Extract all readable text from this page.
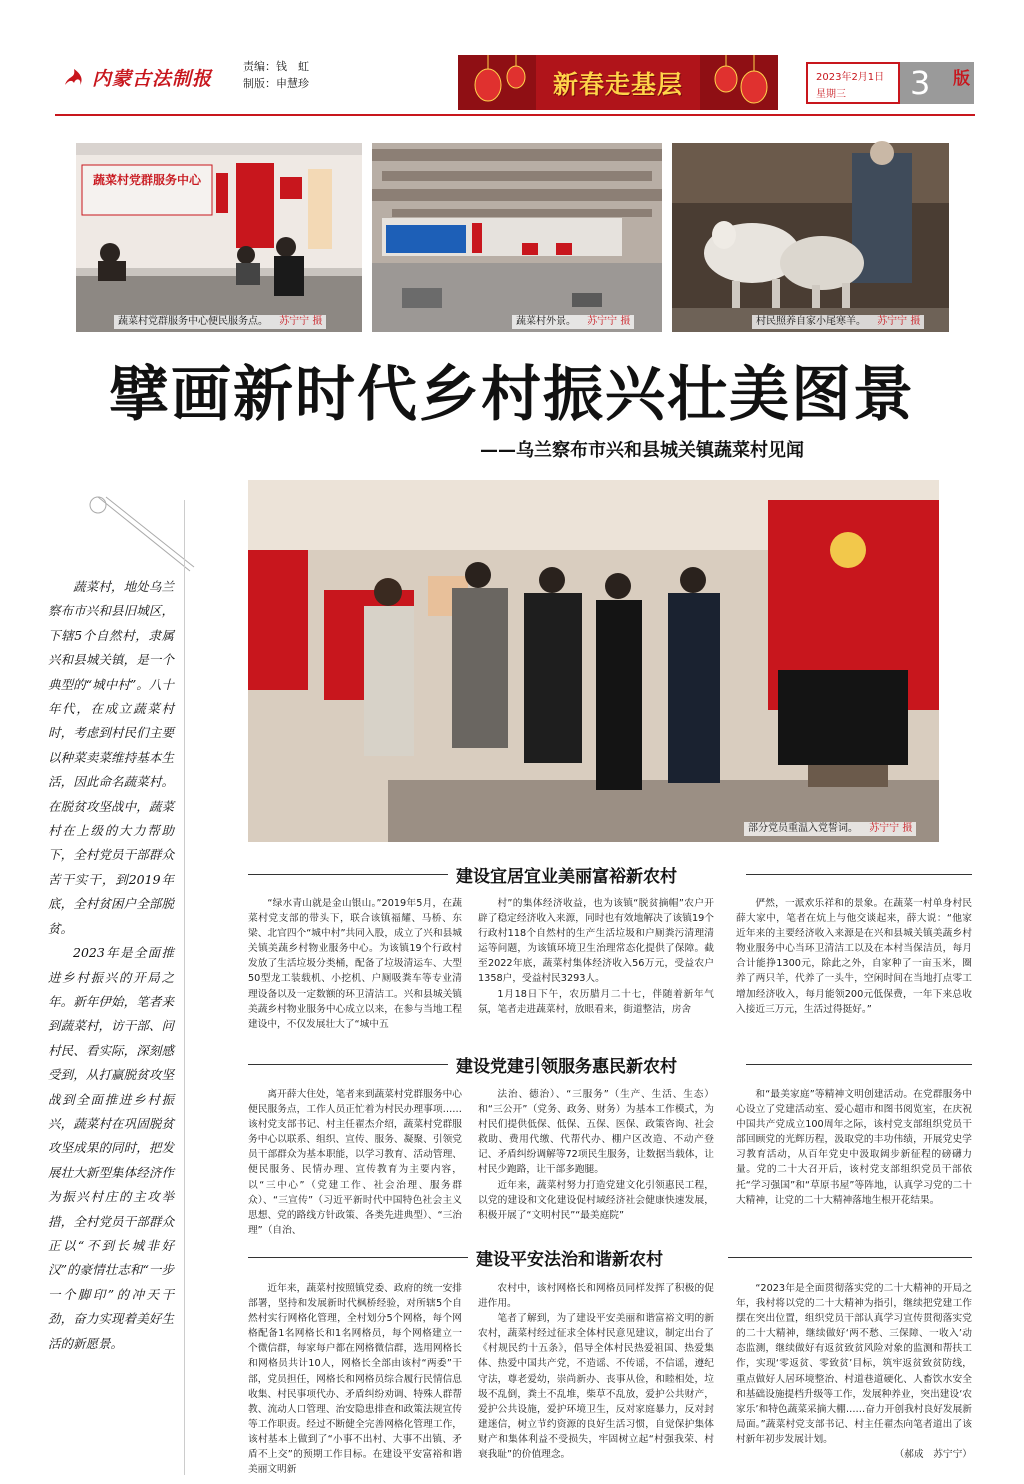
内蒙古法制报
责编：钱　虹
制版：申慧珍	新春走基层	2023年2月1日
星期三 3 版
蔬菜村党群服务中心
蔬菜村党群服务中心便民服务点。 苏宁宁 摄	蔬菜村外景。 苏宁宁 摄	村民照养自家小尾寒羊。 苏宁宁 摄
擘画新时代乡村振兴壮美图景
——乌兰察布市兴和县城关镇蔬菜村见闻

蔬菜村，地处乌兰察布市兴和县旧城区，下辖5个自然村，隶属兴和县城关镇，是一个典型的“城中村”。八十年代，在成立蔬菜村时，考虑到村民们主要以种菜卖菜维持基本生活，因此命名蔬菜村。在脱贫攻坚战中，蔬菜村在上级的大力帮助下，全村党员干部群众苦干实干，到2019年底，全村贫困户全部脱贫。

2023年是全面推进乡村振兴的开局之年。新年伊始，笔者来到蔬菜村，访干部、问村民、看实际，深刻感受到，从打赢脱贫攻坚战到全面推进乡村振兴，蔬菜村在巩固脱贫攻坚成果的同时，把发展壮大新型集体经济作为振兴村庄的主攻举措，全村党员干部群众正以“不到长城非好汉”的豪情壮志和“一步一个脚印”的冲天干劲，奋力实现着美好生活的新愿景。

部分党员重温入党誓词。 苏宁宁 摄
建设宜居宜业美丽富裕新农村

“绿水青山就是金山银山。”2019年5月，在蔬菜村党支部的带头下，联合该镇福耀、马桥、东梁、北官四个“城中村”共同入股，成立了兴和县城关镇美蔬乡村物业服务中心。为该镇19个行政村发放了生活垃圾分类桶，配备了垃圾清运车、大型50型龙工装载机、小挖机、户厕吸粪车等专业清理设备以及一定数额的环卫清洁工。兴和县城关镇美蔬乡村物业服务中心成立以来，在参与当地工程建设中，不仅发展壮大了“城中五

村”的集体经济收益，也为该镇“脱贫摘帽”农户开辟了稳定经济收入来源，同时也有效地解决了该镇19个行政村118个自然村的生产生活垃圾和户厕粪污清理清运等问题，为该镇环境卫生治理常态化提供了保障。截至2022年底，蔬菜村集体经济收入56万元，受益农户1358户，受益村民3293人。

1月18日下午，农历腊月二十七，伴随着新年气氛，笔者走进蔬菜村，放眼看来，街道整洁，房舍

俨然，一派欢乐祥和的景象。在蔬菜一村单身村民薛大家中，笔者在炕上与他交谈起来，薛大说：“他家近年来的主要经济收入来源是在兴和县城关镇美蔬乡村物业服务中心当环卫清洁工以及在本村当保洁员，每月合计能挣1300元，除此之外，自家种了一亩玉米，圈养了两只羊，代养了一头牛，空闲时间在当地打点零工增加经济收入，每月能领200元低保费，一年下来总收入接近三万元，生活过得挺好。”

建设党建引领服务惠民新农村

离开薛大住处，笔者来到蔬菜村党群服务中心便民服务点，工作人员正忙着为村民办理事项……该村党支部书记、村主任翟杰介绍，蔬菜村党群服务中心以联系、组织、宣传、服务、凝聚、引领党员干部群众为基本职能，以学习教育、活动管理、便民服务、民情办理、宣传教育为主要内容，以“三中心”（党建工作、社会治理、服务群众）、“三宣传”（习近平新时代中国特色社会主义思想、党的路线方针政策、各类先进典型）、“三治理”（自治、

法治、德治）、“三服务”（生产、生活、生态）和“三公开”（党务、政务、财务）为基本工作模式，为村民们提供低保、低保、五保、医保、政策咨询、社会救助、费用代缴、代帮代办、棚户区改造、不动产登记、矛盾纠纷调解等72项民生服务，让数据当载体，让村民少跑路，让干部多跑腿。

近年来，蔬菜村努力打造党建文化引领惠民工程，以党的建设和文化建设促村域经济社会健康快速发展，积极开展了“文明村民”“最美庭院”

和“最美家庭”等精神文明创建活动。在党群服务中心设立了党建活动室、爱心超市和图书阅览室，在庆祝中国共产党成立100周年之际，该村党支部组织党员干部回顾党的光辉历程，汲取党的丰功伟绩，开展党史学习教育活动，从百年党史中汲取阔步新征程的磅礴力量。党的二十大召开后，该村党支部组织党员干部依托“学习强国”和“草原书屋”等阵地，认真学习党的二十大精神，让党的二十大精神落地生根开花结果。

建设平安法治和谐新农村

近年来，蔬菜村按照镇党委、政府的统一安排部署，坚持和发展新时代枫桥经验，对所辖5个自然村实行网格化管理，全村划分5个网格，每个网格配备1名网格长和1名网格员，每个网格建立一个微信群，每家每户都在网格微信群，选用网格长和网格员共计10人，网格长全部由该村“两委”干部，党员担任，网格长和网格员综合履行民情信息收集、村民事项代办、矛盾纠纷劝调、特殊人群帮教、流动人口管理、治安隐患排查和政策法规宣传等工作职责。经过不断健全完善网格化管理工作，该村基本上做到了“小事不出村、大事不出镇、矛盾不上交”的预期工作目标。在建设平安富裕和谐美丽文明新

农村中，该村网格长和网格员同样发挥了积极的促进作用。

笔者了解到，为了建设平安美丽和谐富裕文明的新农村，蔬菜村经过征求全体村民意见建议，制定出台了《村规民约十五条》，倡导全体村民热爱祖国、热爱集体、热爱中国共产党，不造谣、不传谣，不信谣，遵纪守法，尊老爱幼，崇尚新办、丧事从俭，和睦相处，垃圾不乱倒，粪土不乱堆，柴草不乱放，爱护公共财产，爱护公共设施，爱护环境卫生，反对家庭暴力，反对封建迷信，树立节约资源的良好生活习惯，自觉保护集体财产和集体利益不受损失，牢固树立起“村强我荣、村衰我耻”的价值理念。

“2023年是全面贯彻落实党的二十大精神的开局之年，我村将以党的二十大精神为指引，继续把党建工作摆在突出位置，组织党员干部认真学习宣传贯彻落实党的二十大精神，继续做好‘两不愁、三保障、一收入’动态监测，继续做好有返贫致贫风险对象的监测和帮扶工作，实现‘零返贫、零致贫’目标，筑牢返贫致贫防线，重点做好人居环境整治、村道巷道硬化、人畜饮水安全和基础设施提档升级等工作，发展种养业，突出建设‘农家乐’和特色蔬菜采摘大棚……奋力开创我村良好发展新局面。”蔬菜村党支部书记、村主任翟杰向笔者道出了该村新年初步发展计划。

（郝成　苏宁宁）
